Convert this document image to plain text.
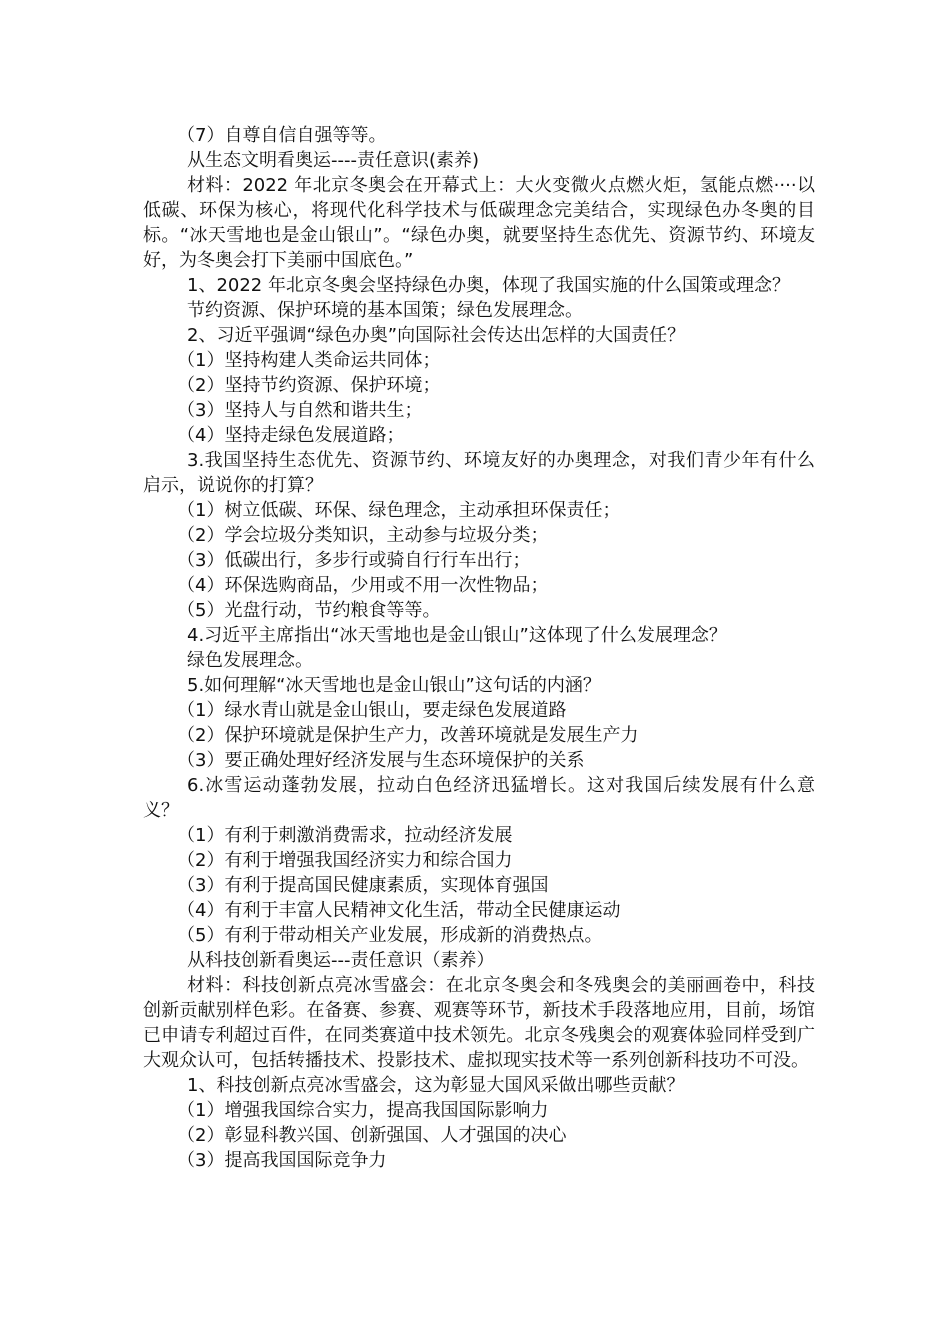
（7）自尊自信自强等等。
从生态文明看奥运----责任意识(素养)
材料：2022 年北京冬奥会在开幕式上：大火变微火点燃火炬，氢能点燃····以低碳、环保为核心，将现代化科学技术与低碳理念完美结合，实现绿色办冬奥的目标。“冰天雪地也是金山银山”。“绿色办奥，就要坚持生态优先、资源节约、环境友好，为冬奥会打下美丽中国底色。”
1、2022 年北京冬奥会坚持绿色办奥，体现了我国实施的什么国策或理念？
节约资源、保护环境的基本国策；绿色发展理念。
2、习近平强调“绿色办奥”向国际社会传达出怎样的大国责任？
（1）坚持构建人类命运共同体；
（2）坚持节约资源、保护环境；
（3）坚持人与自然和谐共生；
（4）坚持走绿色发展道路；
3.我国坚持生态优先、资源节约、环境友好的办奥理念，对我们青少年有什么启示，说说你的打算？
（1）树立低碳、环保、绿色理念，主动承担环保责任；
（2）学会垃圾分类知识，主动参与垃圾分类；
（3）低碳出行，多步行或骑自行行车出行；
（4）环保选购商品，少用或不用一次性物品；
（5）光盘行动，节约粮食等等。
4.习近平主席指出“冰天雪地也是金山银山”这体现了什么发展理念？
绿色发展理念。
5.如何理解“冰天雪地也是金山银山”这句话的内涵？
（1）绿水青山就是金山银山，要走绿色发展道路
（2）保护环境就是保护生产力，改善环境就是发展生产力
（3）要正确处理好经济发展与生态环境保护的关系
6.冰雪运动蓬勃发展，拉动白色经济迅猛增长。这对我国后续发展有什么意义？
（1）有利于刺激消费需求，拉动经济发展
（2）有利于增强我国经济实力和综合国力
（3）有利于提高国民健康素质，实现体育强国
（4）有利于丰富人民精神文化生活，带动全民健康运动
（5）有利于带动相关产业发展，形成新的消费热点。
从科技创新看奥运---责任意识（素养）
材料：科技创新点亮冰雪盛会：在北京冬奥会和冬残奥会的美丽画卷中，科技创新贡献别样色彩。在备赛、参赛、观赛等环节，新技术手段落地应用，目前，场馆已申请专利超过百件，在同类赛道中技术领先。北京冬残奥会的观赛体验同样受到广大观众认可，包括转播技术、投影技术、虚拟现实技术等一系列创新科技功不可没。
1、科技创新点亮冰雪盛会，这为彰显大国风采做出哪些贡献？
（1）增强我国综合实力，提高我国国际影响力
（2）彰显科教兴国、创新强国、人才强国的决心
（3）提高我国国际竞争力
